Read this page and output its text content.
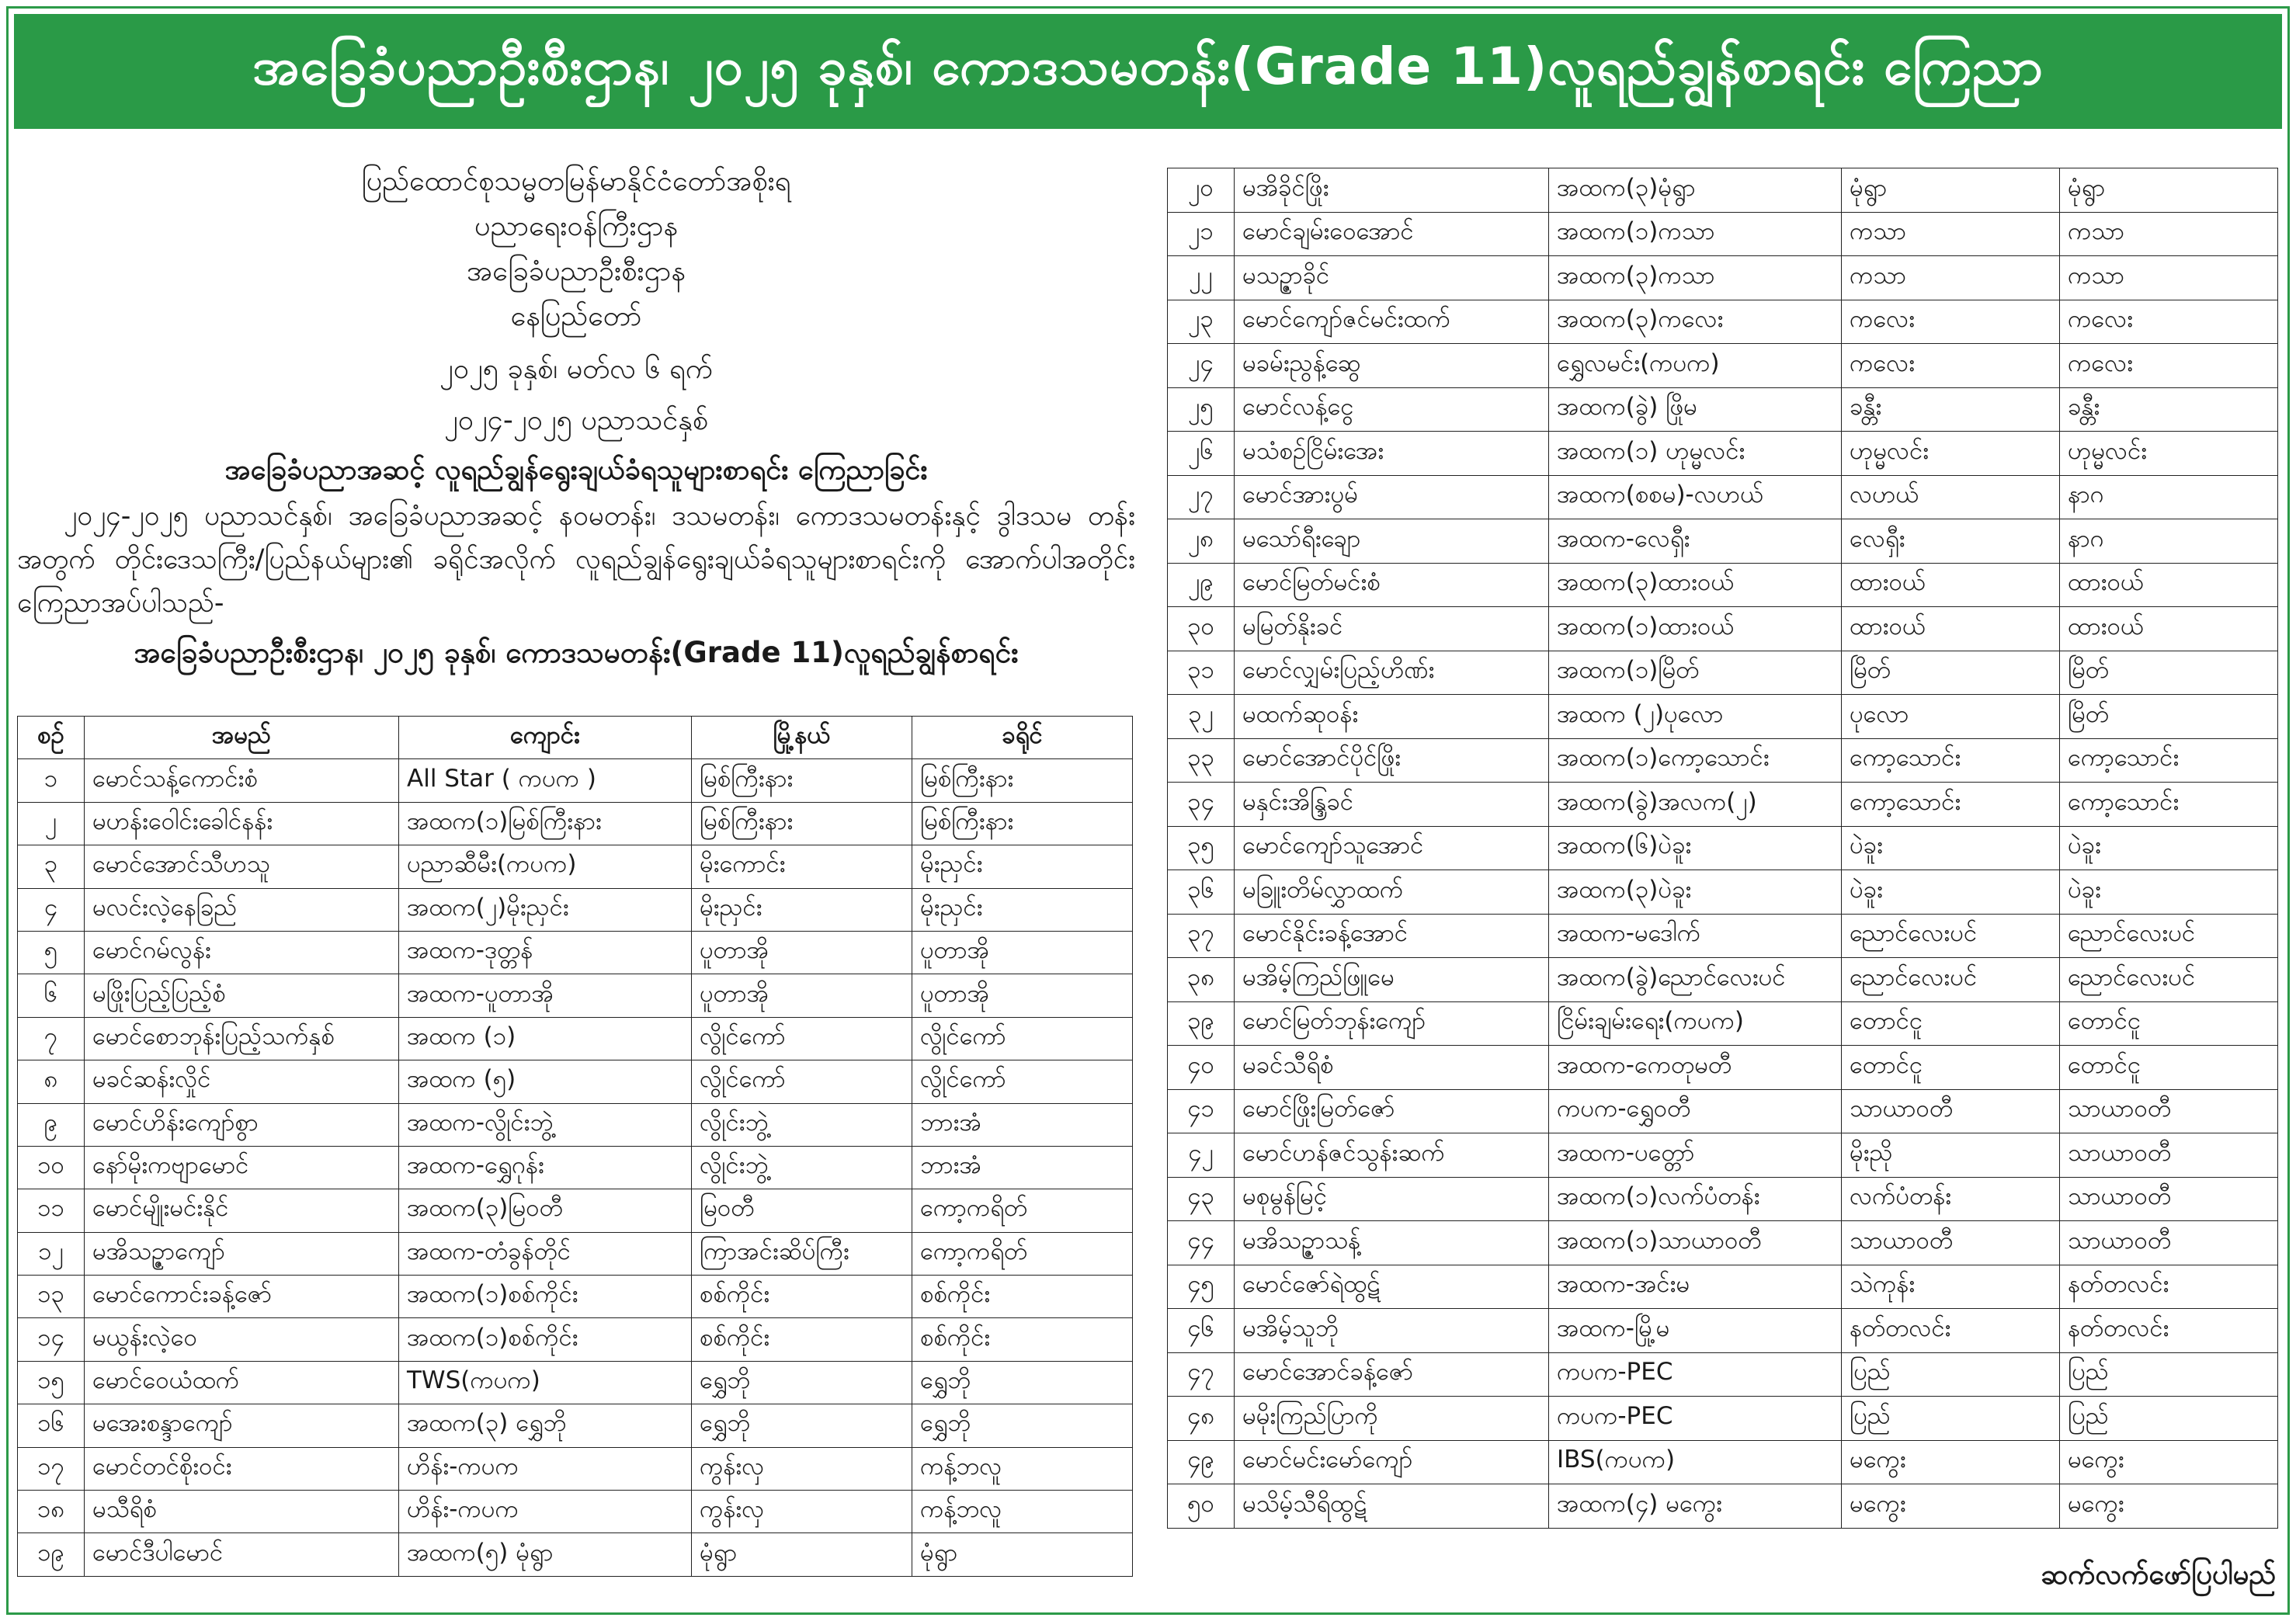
အခြေခံပညာဦးစီးဌာန၊ ၂၀၂၅ ခုနှစ်၊ ကောဒသမတန်း(Grade 11)လူရည်ချွန်စာရင်း ကြေညာ
ပြည်ထောင်စုသမ္မတမြန်မာနိုင်ငံတော်အစိုးရ
ပညာရေးဝန်ကြီးဌာန
အခြေခံပညာဦးစီးဌာန
နေပြည်တော်
၂၀၂၅ ခုနှစ်၊ မတ်လ ၆ ရက်
၂၀၂၄-၂၀၂၅ ပညာသင်နှစ်
အခြေခံပညာအဆင့် လူရည်ချွန်ရွေးချယ်ခံရသူများစာရင်း ကြေညာခြင်း
၂၀၂၄-၂၀၂၅ ပညာသင်နှစ်၊ အခြေခံပညာအဆင့် နဝမတန်း၊ ဒသမတန်း၊ ကောဒသမတန်းနှင့် ဒွါဒသမ တန်းအတွက် တိုင်းဒေသကြီး/ပြည်နယ်များ၏ ခရိုင်အလိုက် လူရည်ချွန်ရွေးချယ်ခံရသူများစာရင်းကို အောက်ပါအတိုင်းကြေညာအပ်ပါသည်-
အခြေခံပညာဦးစီးဌာန၊ ၂၀၂၅ ခုနှစ်၊ ကောဒသမတန်း(Grade 11)လူရည်ချွန်စာရင်း
စဉ်	အမည်	ကျောင်း	မြို့နယ်	ခရိုင်
၁	မောင်သန့်ကောင်းစံ	All Star ( ကပက )	မြစ်ကြီးနား	မြစ်ကြီးနား
၂	မဟန်းဝေါင်းခေါင်နန်း	အထက(၁)မြစ်ကြီးနား	မြစ်ကြီးနား	မြစ်ကြီးနား
၃	မောင်အောင်သီဟသူ	ပညာဆီမီး(ကပက)	မိုးကောင်း	မိုးညှင်း
၄	မလင်းလဲ့နေခြည်	အထက(၂)မိုးညှင်း	မိုးညှင်း	မိုးညှင်း
၅	မောင်ဂမ်လွန်း	အထက-ဒုတ္တန်	ပူတာအို	ပူတာအို
၆	မဖြိုးပြည့်ပြည့်စံ	အထက-ပူတာအို	ပူတာအို	ပူတာအို
၇	မောင်စောဘုန်းပြည့်သက်နှစ်	အထက (၁)	လွိုင်ကော်	လွိုင်ကော်
၈	မခင်ဆန်းလှိုင်	အထက (၅)	လွိုင်ကော်	လွိုင်ကော်
၉	မောင်ဟိန်းကျော်စွာ	အထက-လွိုင်းဘွဲ့	လွိုင်းဘွဲ့	ဘားအံ
၁၀	နော်မိုးကဗျာမောင်	အထက-ရွှေဂုန်း	လွိုင်းဘွဲ့	ဘားအံ
၁၁	မောင်မျိုးမင်းနိုင်	အထက(၃)မြဝတီ	မြဝတီ	ကော့ကရိတ်
၁၂	မအိသဥ္ဇာကျော်	အထက-တံခွန်တိုင်	ကြာအင်းဆိပ်ကြီး	ကော့ကရိတ်
၁၃	မောင်ကောင်းခန့်ဇော်	အထက(၁)စစ်ကိုင်း	စစ်ကိုင်း	စစ်ကိုင်း
၁၄	မယွန်းလဲ့ဝေ	အထက(၁)စစ်ကိုင်း	စစ်ကိုင်း	စစ်ကိုင်း
၁၅	မောင်ဝေယံထက်	TWS(ကပက)	ရွှေဘို	ရွှေဘို
၁၆	မအေးစန္ဒာကျော်	အထက(၃) ရွှေဘို	ရွှေဘို	ရွှေဘို
၁၇	မောင်တင်စိုးဝင်း	ဟိန်း-ကပက	ကွန်းလှ	ကန့်ဘလူ
၁၈	မသီရိစံ	ဟိန်း-ကပက	ကွန်းလှ	ကန့်ဘလူ
၁၉	မောင်ဒီပါမောင်	အထက(၅) မုံရွာ	မုံရွာ	မုံရွာ
၂၀	မအိခိုင်ဖြိုး	အထက(၃)မုံရွာ	မုံရွာ	မုံရွာ
၂၁	မောင်ချမ်းဝေအောင်	အထက(၁)ကသာ	ကသာ	ကသာ
၂၂	မသဥ္ဇာခိုင်	အထက(၃)ကသာ	ကသာ	ကသာ
၂၃	မောင်ကျော်ဇင်မင်းထက်	အထက(၃)ကလေး	ကလေး	ကလေး
၂၄	မခမ်းညွန့်ဆွေ	ရွှေလမင်း(ကပက)	ကလေး	ကလေး
၂၅	မောင်လန့်ငွေ	အထက(ခွဲ) ဖြိုမ	ခန္တီး	ခန္တီး
၂၆	မသံစဉ်ငြိမ်းအေး	အထက(၁) ဟုမ္မလင်း	ဟုမ္မလင်း	ဟုမ္မလင်း
၂၇	မောင်အားပွမ်	အထက(စစမ)-လဟယ်	လဟယ်	နာဂ
၂၈	မသော်ရီးချော	အထက-လေရှီး	လေရှီး	နာဂ
၂၉	မောင်မြတ်မင်းစံ	အထက(၃)ထားဝယ်	ထားဝယ်	ထားဝယ်
၃၀	မမြတ်နိုးခင်	အထက(၁)ထားဝယ်	ထားဝယ်	ထားဝယ်
၃၁	မောင်လျှမ်းပြည့်ဟိဏ်း	အထက(၁)မြိတ်	မြိတ်	မြိတ်
၃၂	မထက်ဆုဝန်း	အထက (၂)ပုလော	ပုလော	မြိတ်
၃၃	မောင်အောင်ပိုင်ဖြိုး	အထက(၁)ကော့သောင်း	ကော့သောင်း	ကော့သောင်း
၃၄	မနှင်းအိန္ဒြခင်	အထက(ခွဲ)အလက(၂)	ကော့သောင်း	ကော့သောင်း
၃၅	မောင်ကျော်သူအောင်	အထက(၆)ပဲခူး	ပဲခူး	ပဲခူး
၃၆	မခြူးတိမ်လွှာထက်	အထက(၃)ပဲခူး	ပဲခူး	ပဲခူး
၃၇	မောင်နိုင်းခန့်အောင်	အထက-မဒေါက်	ညောင်လေးပင်	ညောင်လေးပင်
၃၈	မအိမ့်ကြည်ဖြူမေ	အထက(ခွဲ)ညောင်လေးပင်	ညောင်လေးပင်	ညောင်လေးပင်
၃၉	မောင်မြတ်ဘုန်းကျော်	ငြိမ်းချမ်းရေး(ကပက)	တောင်ငူ	တောင်ငူ
၄၀	မခင်သီရိစံ	အထက-ကေတုမတီ	တောင်ငူ	တောင်ငူ
၄၁	မောင်ဖြိုးမြတ်ဇော်	ကပက-ရွှေဝတီ	သာယာဝတီ	သာယာဝတီ
၄၂	မောင်ဟန်ဇင်သွန်းဆက်	အထက-ပတ္တော်	မိုးညို	သာယာဝတီ
၄၃	မစုမွန်မြင့်	အထက(၁)လက်ပံတန်း	လက်ပံတန်း	သာယာဝတီ
၄၄	မအိသဥ္ဇာသန့်	အထက(၁)သာယာဝတီ	သာယာဝတီ	သာယာဝတီ
၄၅	မောင်ဇော်ရဲထွဋ်	အထက-အင်းမ	သဲကုန်း	နတ်တလင်း
၄၆	မအိမ့်သူဘို	အထက-မြို့မ	နတ်တလင်း	နတ်တလင်း
၄၇	မောင်အောင်ခန့်ဇော်	ကပက-PEC	ပြည်	ပြည်
၄၈	မမိုးကြည်ပြာကို	ကပက-PEC	ပြည်	ပြည်
၄၉	မောင်မင်းမော်ကျော်	IBS(ကပက)	မကွေး	မကွေး
၅၀	မသိမ့်သီရိထွဋ်	အထက(၄) မကွေး	မကွေး	မကွေး
ဆက်လက်ဖော်ပြပါမည်
